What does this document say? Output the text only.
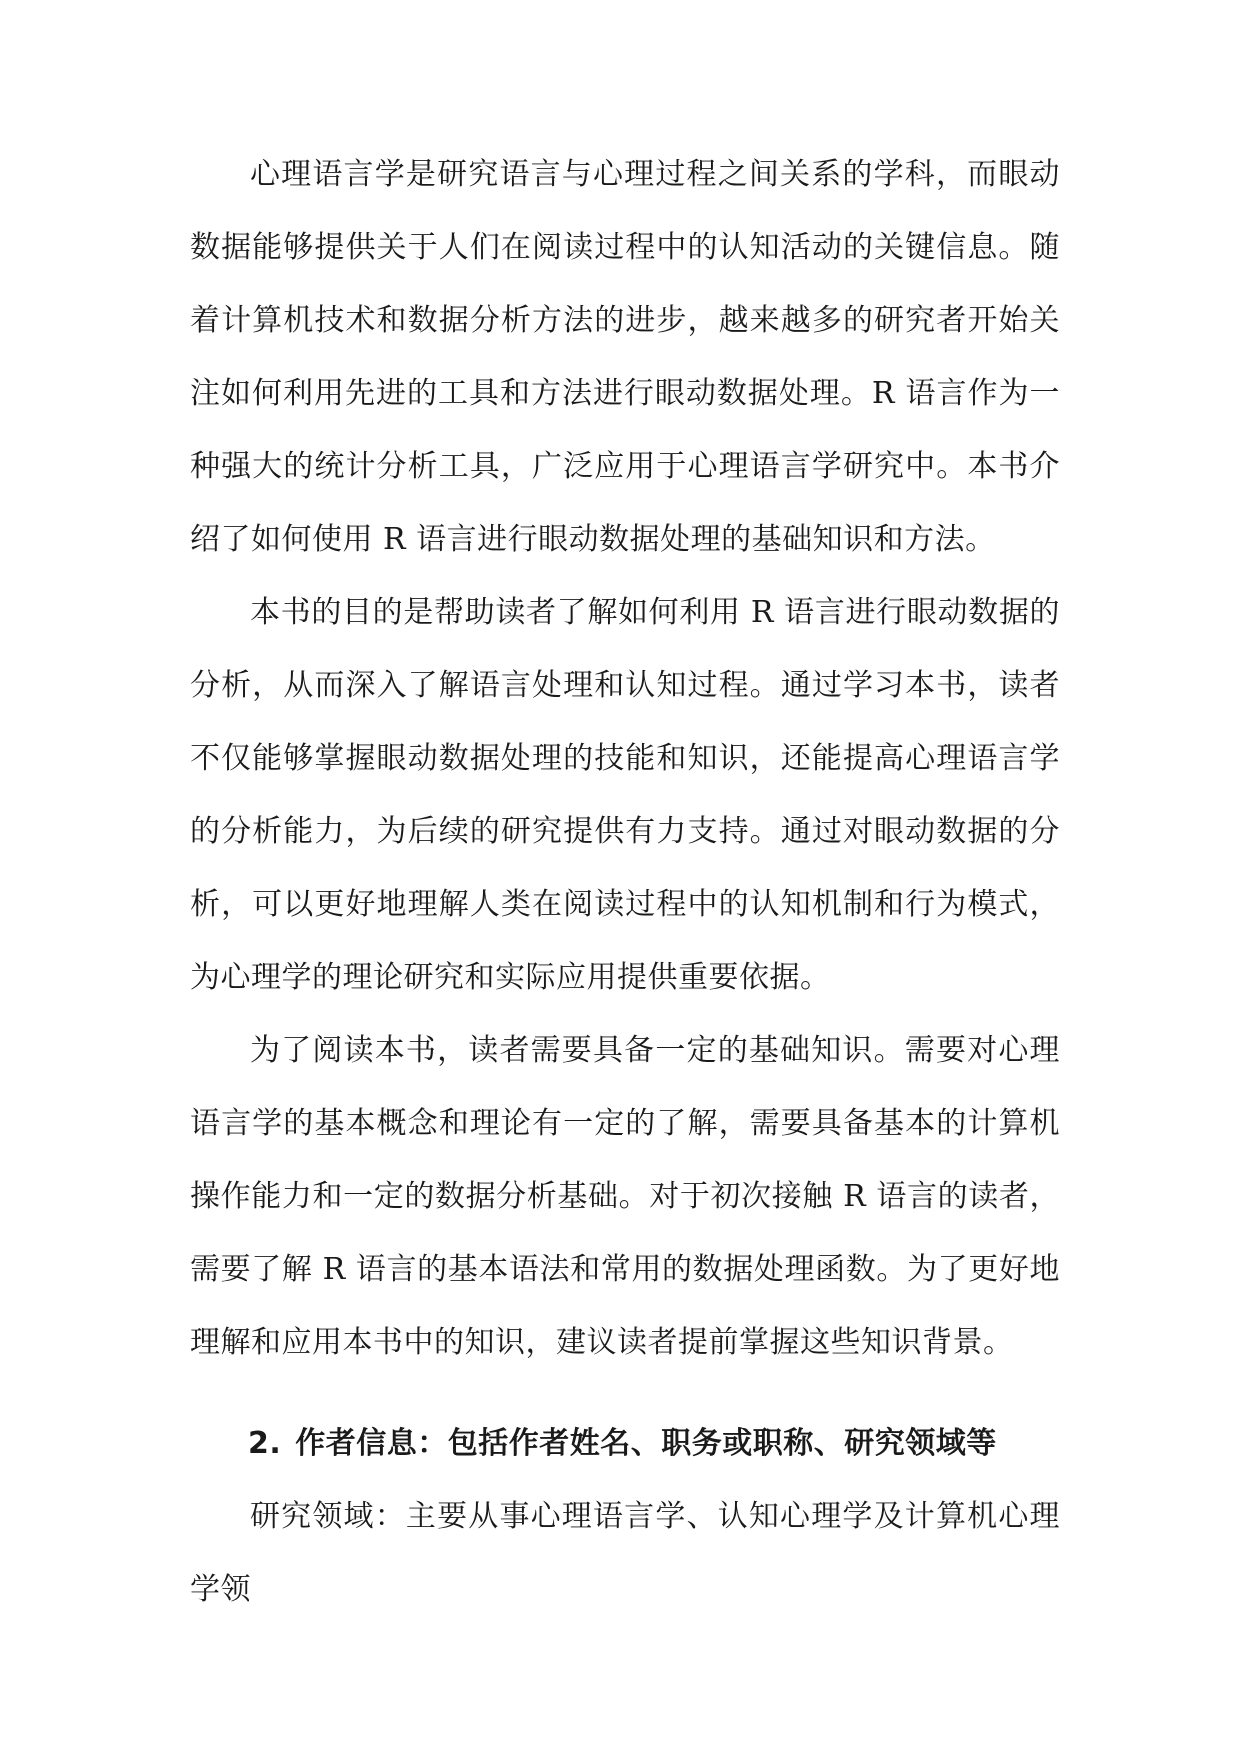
心理语言学是研究语言与心理过程之间关系的学科，而眼动数据能够提供关于人们在阅读过程中的认知活动的关键信息。随着计算机技术和数据分析方法的进步，越来越多的研究者开始关注如何利用先进的工具和方法进行眼动数据处理。R 语言作为一种强大的统计分析工具，广泛应用于心理语言学研究中。本书介绍了如何使用 R 语言进行眼动数据处理的基础知识和方法。

本书的目的是帮助读者了解如何利用 R 语言进行眼动数据的分析，从而深入了解语言处理和认知过程。通过学习本书，读者不仅能够掌握眼动数据处理的技能和知识，还能提高心理语言学的分析能力，为后续的研究提供有力支持。通过对眼动数据的分析，可以更好地理解人类在阅读过程中的认知机制和行为模式，为心理学的理论研究和实际应用提供重要依据。

为了阅读本书，读者需要具备一定的基础知识。需要对心理语言学的基本概念和理论有一定的了解，需要具备基本的计算机操作能力和一定的数据分析基础。对于初次接触 R 语言的读者，需要了解 R 语言的基本语法和常用的数据处理函数。为了更好地理解和应用本书中的知识，建议读者提前掌握这些知识背景。

2. 作者信息：包括作者姓名、职务或职称、研究领域等

研究领域：主要从事心理语言学、认知心理学及计算机心理学领
